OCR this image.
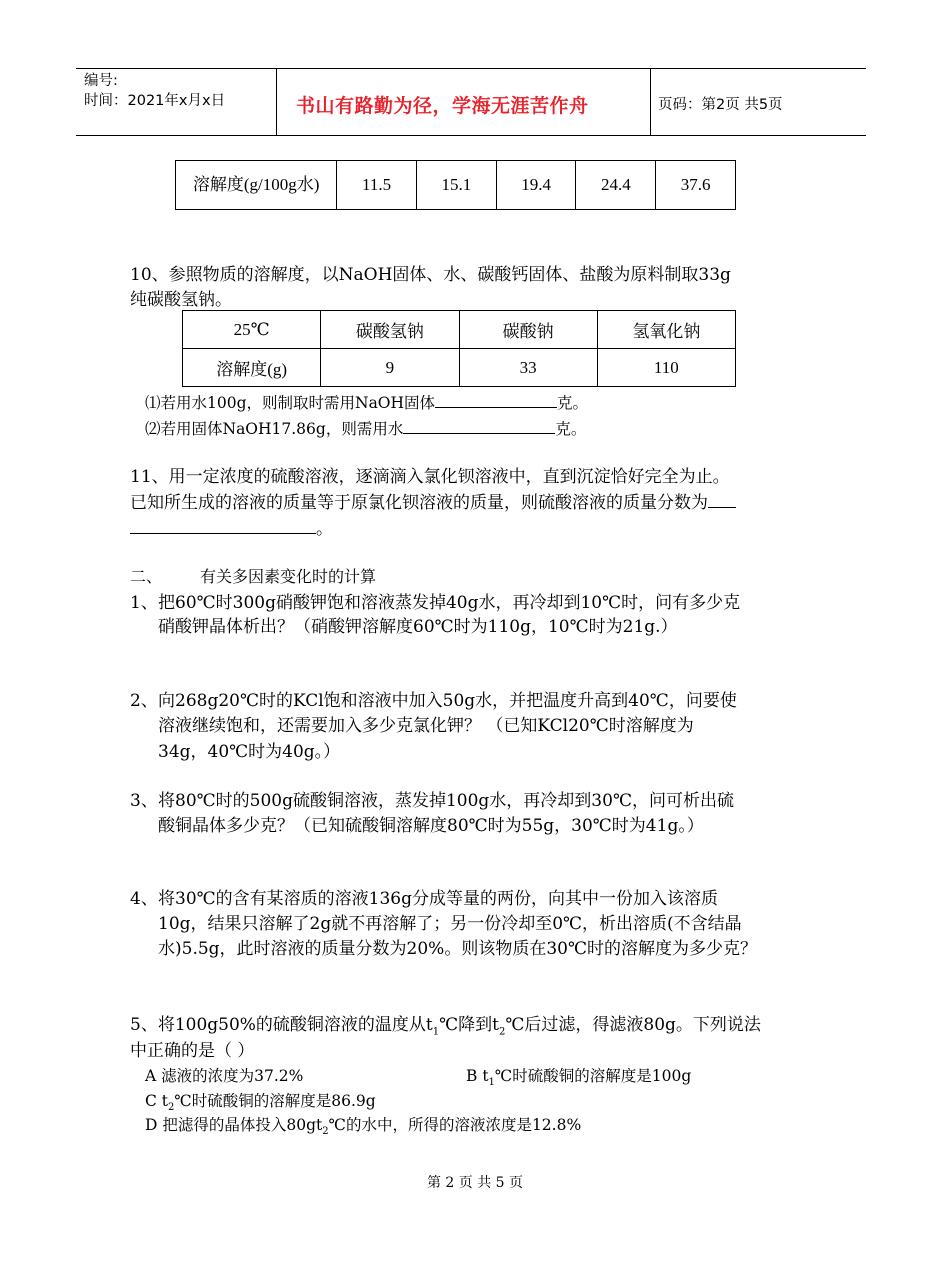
编号:
时间：2021年x月x日	书山有路勤为径，学海无涯苦作舟	页码：第2页 共5页
溶解度(g/100g水)	11.5	15.1	19.4	24.4	37.6
10、参照物质的溶解度，以NaOH固体、水、碳酸钙固体、盐酸为原料制取33g
纯碳酸氢钠。
25℃	碳酸氢钠	碳酸钠	氢氧化钠
溶解度(g)	9	33	110
⑴若用水100g，则制取时需用NaOH固体	克。
⑵若用固体NaOH17.86g，则需用水	克。
11、用一定浓度的硫酸溶液，逐滴滴入氯化钡溶液中，直到沉淀恰好完全为止。
已知所生成的溶液的质量等于原氯化钡溶液的质量，则硫酸溶液的质量分数为
。
二、 有关多因素变化时的计算
1、 把60℃时300g硝酸钾饱和溶液蒸发掉40g水，再冷却到10℃时，问有多少克
硝酸钾晶体析出？（硝酸钾溶解度60℃时为110g，10℃时为21g.）
2、 向268g20℃时的KCl饱和溶液中加入50g水，并把温度升高到40℃，问要使
溶液继续饱和，还需要加入多少克氯化钾？ （已知KCl20℃时溶解度为
34g，40℃时为40g。）
3、 将80℃时的500g硫酸铜溶液，蒸发掉100g水，再冷却到30℃，问可析出硫
酸铜晶体多少克？（已知硫酸铜溶解度80℃时为55g，30℃时为41g。）
4、 将30℃的含有某溶质的溶液136g分成等量的两份，向其中一份加入该溶质
10g，结果只溶解了2g就不再溶解了；另一份冷却至0℃，析出溶质(不含结晶
水)5.5g，此时溶液的质量分数为20%。则该物质在30℃时的溶解度为多少克？
5、将100g50%的硫酸铜溶液的温度从$t_1℃$降到$t_2℃$后过滤，得滤液80g。下列说法
中正确的是（ ）
A 滤液的浓度为37.2%	B $t_1℃$时硫酸铜的溶解度是100g
C $t_2℃$时硫酸铜的溶解度是86.9g
D 把滤得的晶体投入$80gt_2℃$的水中，所得的溶液浓度是12.8%
第 2 页 共 5 页
